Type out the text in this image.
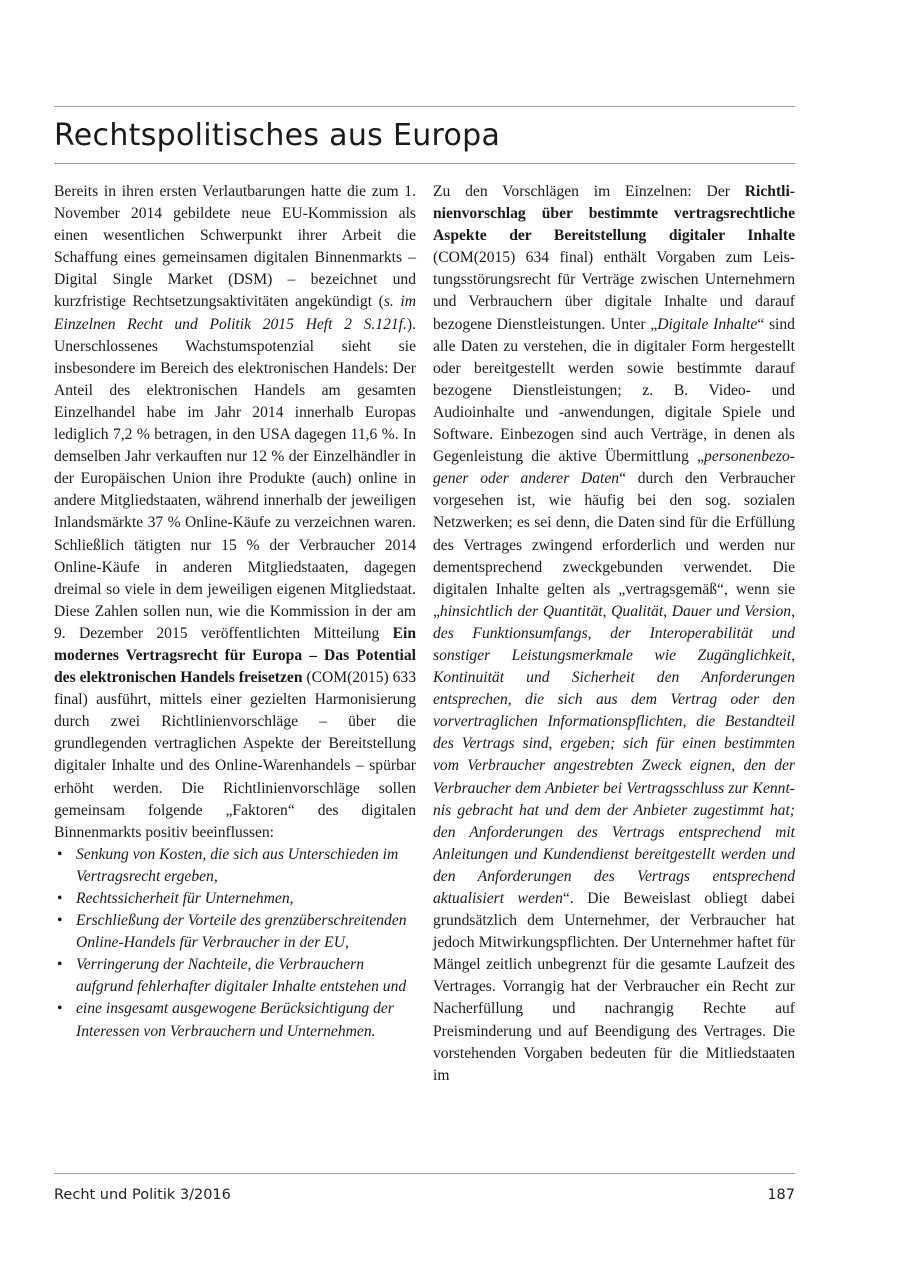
Rechtspolitisches aus Europa

Bereits in ihren ersten Verlautbarungen hatte die zum 1. November 2014 gebildete neue EU-Kommission als einen wesentlichen Schwerpunkt ihrer Arbeit die Schaffung eines gemeinsamen digitalen Binnenmarkts – Digital Single Market (DSM) – bezeichnet und kurzfristige Rechtsetzungsaktivitäten angekündigt (s. im Einzelnen Recht und Politik 2015 Heft 2 S.121f.). Unerschlossenes Wachstumspotenzial sieht sie insbesondere im Bereich des elektronischen Handels: Der Anteil des elektronischen Handels am gesamten Einzelhandel habe im Jahr 2014 innerhalb Europas lediglich 7,2 % betragen, in den USA dagegen 11,6 %. In demselben Jahr verkauften nur 12 % der Einzelhändler in der Europäischen Union ihre Produkte (auch) online in andere Mitgliedstaaten, während innerhalb der jeweiligen Inlandsmärkte 37 % Online-Käufe zu verzeichnen waren. Schließlich tätigten nur 15 % der Verbraucher 2014 Online-Käufe in anderen Mitgliedstaaten, dagegen dreimal so viele in dem jeweiligen eigenen Mitgliedstaat. Diese Zahlen sollen nun, wie die Kommission in der am 9. Dezember 2015 veröffentlichten Mitteilung Ein modernes Vertragsrecht für Europa – Das Potential des elektronischen Handels freisetzen (COM(2015) 633 final) ausführt, mittels einer gezielten Harmonisierung durch zwei Richtlinienvorschläge – über die grundlegenden vertraglichen Aspekte der Bereitstellung digitaler Inhalte und des Online-Warenhandels – spürbar erhöht werden. Die Richtlinienvorschläge sollen gemeinsam folgende „Faktoren“ des digitalen Binnenmarkts positiv beeinflussen:

• Senkung von Kosten, die sich aus Unterschieden im Vertragsrecht ergeben,
• Rechtssicherheit für Unternehmen,
• Erschließung der Vorteile des grenzüberschreitenden Online-Handels für Verbraucher in der EU,
• Verringerung der Nachteile, die Verbrauchern aufgrund fehlerhafter digitaler Inhalte entstehen und
• eine insgesamt ausgewogene Berücksichtigung der Interessen von Verbrauchern und Unternehmen.

Zu den Vorschlägen im Einzelnen: Der Richtlinienvorschlag über bestimmte vertragsrechtliche Aspekte der Bereitstellung digitaler Inhalte (COM(2015) 634 final) enthält Vorgaben zum Leistungsstörungsrecht für Verträge zwischen Unternehmern und Verbrauchern über digitale Inhalte und darauf bezogene Dienstleistungen. Unter „Digitale Inhalte“ sind alle Daten zu verstehen, die in digitaler Form hergestellt oder bereitgestellt werden sowie bestimmte darauf bezogene Dienstleistungen; z. B. Video- und Audioinhalte und -anwendungen, digitale Spiele und Software. Einbezogen sind auch Verträge, in denen als Gegenleistung die aktive Übermittlung „personenbezogener oder anderer Daten“ durch den Verbraucher vorgesehen ist, wie häufig bei den sog. sozialen Netzwerken; es sei denn, die Daten sind für die Erfüllung des Vertrages zwingend erforderlich und werden nur dementsprechend zweckgebunden verwendet. Die digitalen Inhalte gelten als „vertragsgemäß“, wenn sie „hinsichtlich der Quantität, Qualität, Dauer und Version, des Funktionsumfangs, der Interoperabilität und sonstiger Leistungsmerkmale wie Zugänglichkeit, Kontinuität und Sicherheit den Anforderungen entsprechen, die sich aus dem Vertrag oder den vorvertraglichen Informationspflichten, die Bestandteil des Vertrags sind, ergeben; sich für einen bestimmten vom Verbraucher angestrebten Zweck eignen, den der Verbraucher dem Anbieter bei Vertragsschluss zur Kenntnis gebracht hat und dem der Anbieter zugestimmt hat; den Anforderungen des Vertrags entsprechend mit Anleitungen und Kundendienst bereitgestellt werden und den Anforderungen des Vertrags entsprechend aktualisiert werden“. Die Beweislast obliegt dabei grundsätzlich dem Unternehmer, der Verbraucher hat jedoch Mitwirkungspflichten. Der Unternehmer haftet für Mängel zeitlich unbegrenzt für die gesamte Laufzeit des Vertrages. Vorrangig hat der Verbraucher ein Recht zur Nacherfüllung und nachrangig Rechte auf Preisminderung und auf Beendigung des Vertrages. Die vorstehenden Vorgaben bedeuten für die Mitliedstaaten im

Recht und Politik 3/2016	187
